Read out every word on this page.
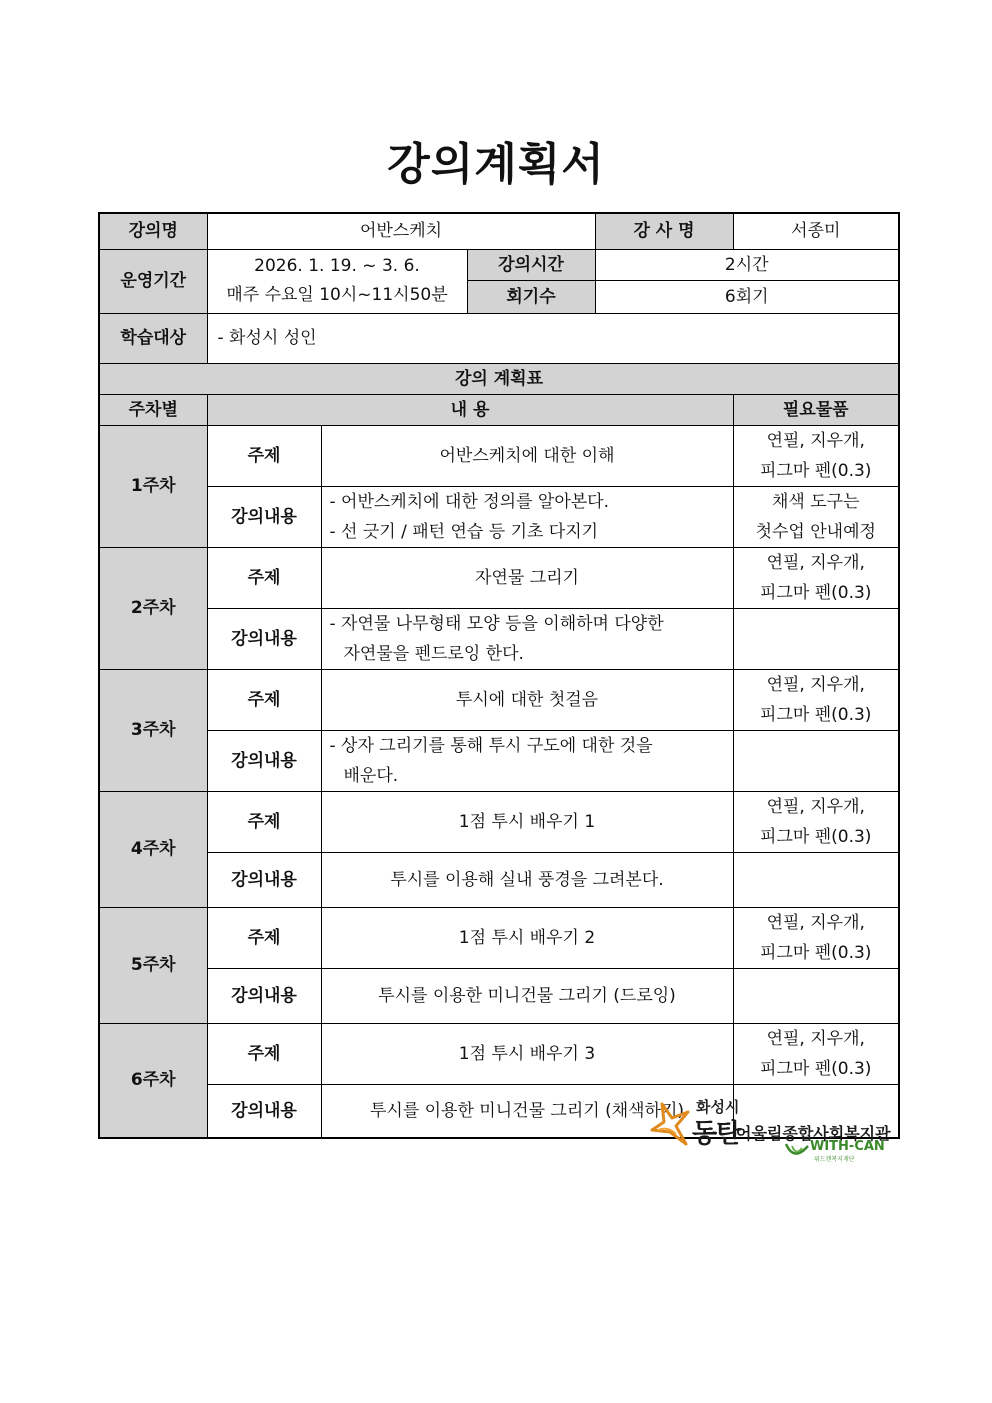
강의계획서
강의명	어반스케치			강 사 명	서종미
운영기간	2026. 1. 19. ~ 3. 6.
매주 수요일 10시~11시50분		강의시간	2시간	
			회기수	6회기	
학습대상	- 화성시 성인				
강의 계획표					
주차별	내 용				필요물품
1주차	주제	어반스케치에 대한 이해			연필, 지우개,
피그마 펜(0.3)

	강의내용	- 어반스케치에 대한 정의를 알아본다.
- 선 긋기 / 패턴 연습 등 기초 다지기			채색 도구는
첫수업 안내예정

2주차	주제	자연물 그리기			연필, 지우개,
피그마 펜(0.3)

	강의내용	- 자연물 나무형태 모양 등을 이해하며 다양한
자연물을 펜드로잉 한다.			

3주차	주제	투시에 대한 첫걸음			연필, 지우개,
피그마 펜(0.3)

	강의내용	- 상자 그리기를 통해 투시 구도에 대한 것을
배운다.			

4주차	주제	1점 투시 배우기 1			연필, 지우개,
피그마 펜(0.3)

	강의내용	투시를 이용해 실내 풍경을 그려본다.			
5주차	주제	1점 투시 배우기 2			연필, 지우개,
피그마 펜(0.3)

	강의내용	투시를 이용한 미니건물 그리기 (드로잉)			
6주차	주제	1점 투시 배우기 3			연필, 지우개,
피그마 펜(0.3)

	강의내용	투시를 이용한 미니건물 그리기 (채색하기)			화성시
동탄
어울림종합사회복지관
WITH-CAN
위드캔복지재단
